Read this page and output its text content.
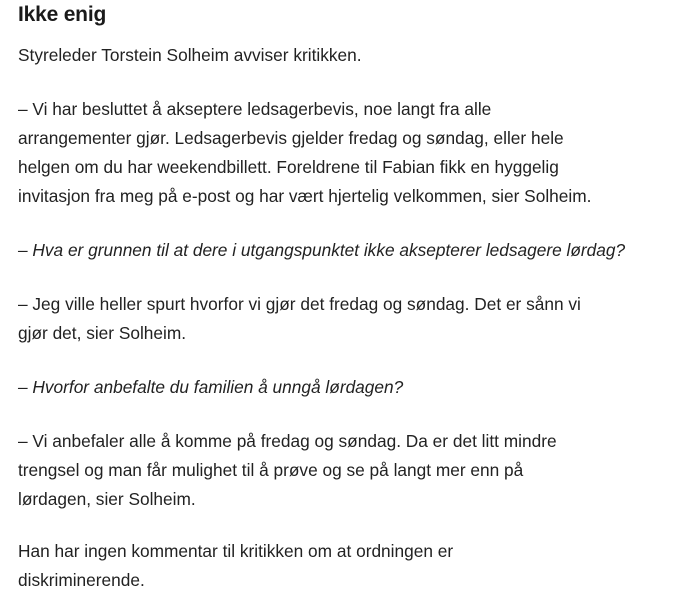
Ikke enig

Styreleder Torstein Solheim avviser kritikken.

– Vi har besluttet å akseptere ledsagerbevis, noe langt fra alle
arrangementer gjør. Ledsagerbevis gjelder fredag og søndag, eller hele
helgen om du har weekendbillett. Foreldrene til Fabian fikk en hyggelig
invitasjon fra meg på e-post og har vært hjertelig velkommen, sier Solheim.

– Hva er grunnen til at dere i utgangspunktet ikke aksepterer ledsagere lørdag?

– Jeg ville heller spurt hvorfor vi gjør det fredag og søndag. Det er sånn vi
gjør det, sier Solheim.

– Hvorfor anbefalte du familien å unngå lørdagen?

– Vi anbefaler alle å komme på fredag og søndag. Da er det litt mindre
trengsel og man får mulighet til å prøve og se på langt mer enn på
lørdagen, sier Solheim.

Han har ingen kommentar til kritikken om at ordningen er
diskriminerende.
